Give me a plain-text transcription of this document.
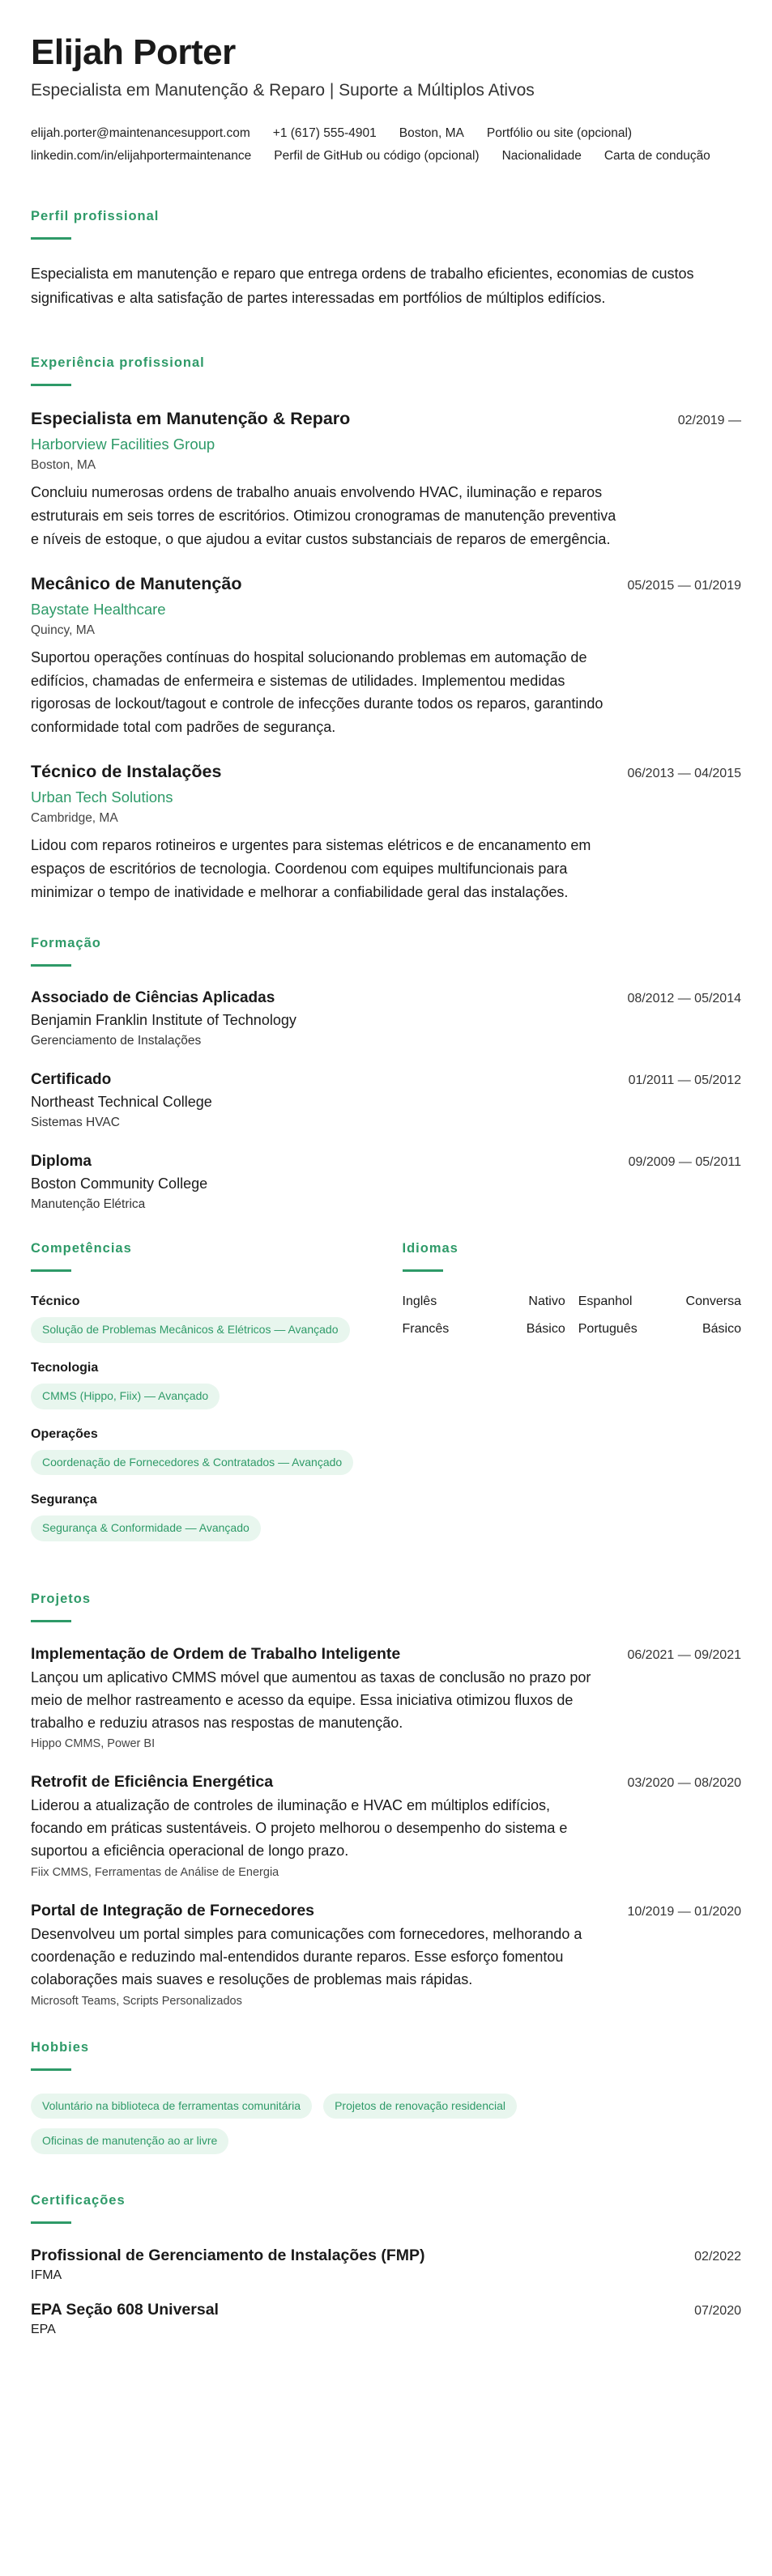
Elijah Porter
Especialista em Manutenção & Reparo | Suporte a Múltiplos Ativos
elijah.porter@maintenancesupport.com +1 (617) 555-4901 Boston, MA Portfólio ou site (opcional)
linkedin.com/in/elijahportermaintenance Perfil de GitHub ou código (opcional) Nacionalidade Carta de condução
Perfil profissional
Especialista em manutenção e reparo que entrega ordens de trabalho eficientes, economias de custos significativas e alta satisfação de partes interessadas em portfólios de múltiplos edifícios.
Experiência profissional
Especialista em Manutenção & Reparo	02/2019 —
Harborview Facilities Group
Boston, MA
Concluiu numerosas ordens de trabalho anuais envolvendo HVAC, iluminação e reparos estruturais em seis torres de escritórios. Otimizou cronogramas de manutenção preventiva e níveis de estoque, o que ajudou a evitar custos substanciais de reparos de emergência.
Mecânico de Manutenção	05/2015 — 01/2019
Baystate Healthcare
Quincy, MA
Suportou operações contínuas do hospital solucionando problemas em automação de edifícios, chamadas de enfermeira e sistemas de utilidades. Implementou medidas rigorosas de lockout/tagout e controle de infecções durante todos os reparos, garantindo conformidade total com padrões de segurança.
Técnico de Instalações	06/2013 — 04/2015
Urban Tech Solutions
Cambridge, MA
Lidou com reparos rotineiros e urgentes para sistemas elétricos e de encanamento em espaços de escritórios de tecnologia. Coordenou com equipes multifuncionais para minimizar o tempo de inatividade e melhorar a confiabilidade geral das instalações.
Formação
Associado de Ciências Aplicadas	08/2012 — 05/2014
Benjamin Franklin Institute of Technology
Gerenciamento de Instalações
Certificado	01/2011 — 05/2012
Northeast Technical College
Sistemas HVAC
Diploma	09/2009 — 05/2011
Boston Community College
Manutenção Elétrica
Competências
Técnico
Solução de Problemas Mecânicos & Elétricos — Avançado
Tecnologia
CMMS (Hippo, Fiix) — Avançado
Operações
Coordenação de Fornecedores & Contratados — Avançado
Segurança
Segurança & Conformidade — Avançado
Idiomas
Inglês	Nativo Espanhol	Conversa
Francês	Básico Português	Básico
Projetos
Implementação de Ordem de Trabalho Inteligente	06/2021 — 09/2021
Lançou um aplicativo CMMS móvel que aumentou as taxas de conclusão no prazo por meio de melhor rastreamento e acesso da equipe. Essa iniciativa otimizou fluxos de trabalho e reduziu atrasos nas respostas de manutenção.
Hippo CMMS, Power BI
Retrofit de Eficiência Energética	03/2020 — 08/2020
Liderou a atualização de controles de iluminação e HVAC em múltiplos edifícios, focando em práticas sustentáveis. O projeto melhorou o desempenho do sistema e suportou a eficiência operacional de longo prazo.
Fiix CMMS, Ferramentas de Análise de Energia
Portal de Integração de Fornecedores	10/2019 — 01/2020
Desenvolveu um portal simples para comunicações com fornecedores, melhorando a coordenação e reduzindo mal-entendidos durante reparos. Esse esforço fomentou colaborações mais suaves e resoluções de problemas mais rápidas.
Microsoft Teams, Scripts Personalizados
Hobbies
Voluntário na biblioteca de ferramentas comunitária	Projetos de renovação residencial
Oficinas de manutenção ao ar livre
Certificações
Profissional de Gerenciamento de Instalações (FMP)	02/2022
IFMA
EPA Seção 608 Universal	07/2020
EPA
